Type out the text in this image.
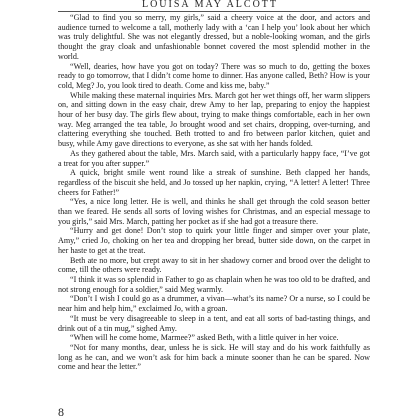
LOUISA MAY ALCOTT

“Glad to find you so merry, my girls,” said a cheery voice at the door, and actors and audience turned to welcome a tall, motherly lady with a ‘can I help you’ look about her which was truly delightful. She was not elegantly dressed, but a noble-looking woman, and the girls thought the gray cloak and unfashionable bonnet covered the most splendid mother in the world.

“Well, dearies, how have you got on today? There was so much to do, getting the boxes ready to go tomorrow, that I didn’t come home to dinner. Has anyone called, Beth? How is your cold, Meg? Jo, you look tired to death. Come and kiss me, baby.”

While making these maternal inquiries Mrs. March got her wet things off, her warm slippers on, and sitting down in the easy chair, drew Amy to her lap, preparing to enjoy the happiest hour of her busy day. The girls flew about, trying to make things comfortable, each in her own way. Meg arranged the tea table, Jo brought wood and set chairs, dropping, over-turning, and clattering everything she touched. Beth trotted to and fro between parlor kitchen, quiet and busy, while Amy gave directions to everyone, as she sat with her hands folded.

As they gathered about the table, Mrs. March said, with a particularly happy face, “I’ve got a treat for you after supper.”

A quick, bright smile went round like a streak of sunshine. Beth clapped her hands, regardless of the biscuit she held, and Jo tossed up her napkin, crying, “A letter! A letter! Three cheers for Father!”

“Yes, a nice long letter. He is well, and thinks he shall get through the cold season better than we feared. He sends all sorts of loving wishes for Christmas, and an especial message to you girls,” said Mrs. March, patting her pocket as if she had got a treasure there.

“Hurry and get done! Don’t stop to quirk your little finger and simper over your plate, Amy,” cried Jo, choking on her tea and dropping her bread, butter side down, on the carpet in her haste to get at the treat.

Beth ate no more, but crept away to sit in her shadowy corner and brood over the delight to come, till the others were ready.

“I think it was so splendid in Father to go as chaplain when he was too old to be drafted, and not strong enough for a soldier,” said Meg warmly.

“Don’t I wish I could go as a drummer, a vivan—what’s its name? Or a nurse, so I could be near him and help him,” exclaimed Jo, with a groan.

“It must be very disagreeable to sleep in a tent, and eat all sorts of bad-tasting things, and drink out of a tin mug,” sighed Amy.

“When will he come home, Marmee?” asked Beth, with a little quiver in her voice.

“Not for many months, dear, unless he is sick. He will stay and do his work faithfully as long as he can, and we won’t ask for him back a minute sooner than he can be spared. Now come and hear the letter.”

8
